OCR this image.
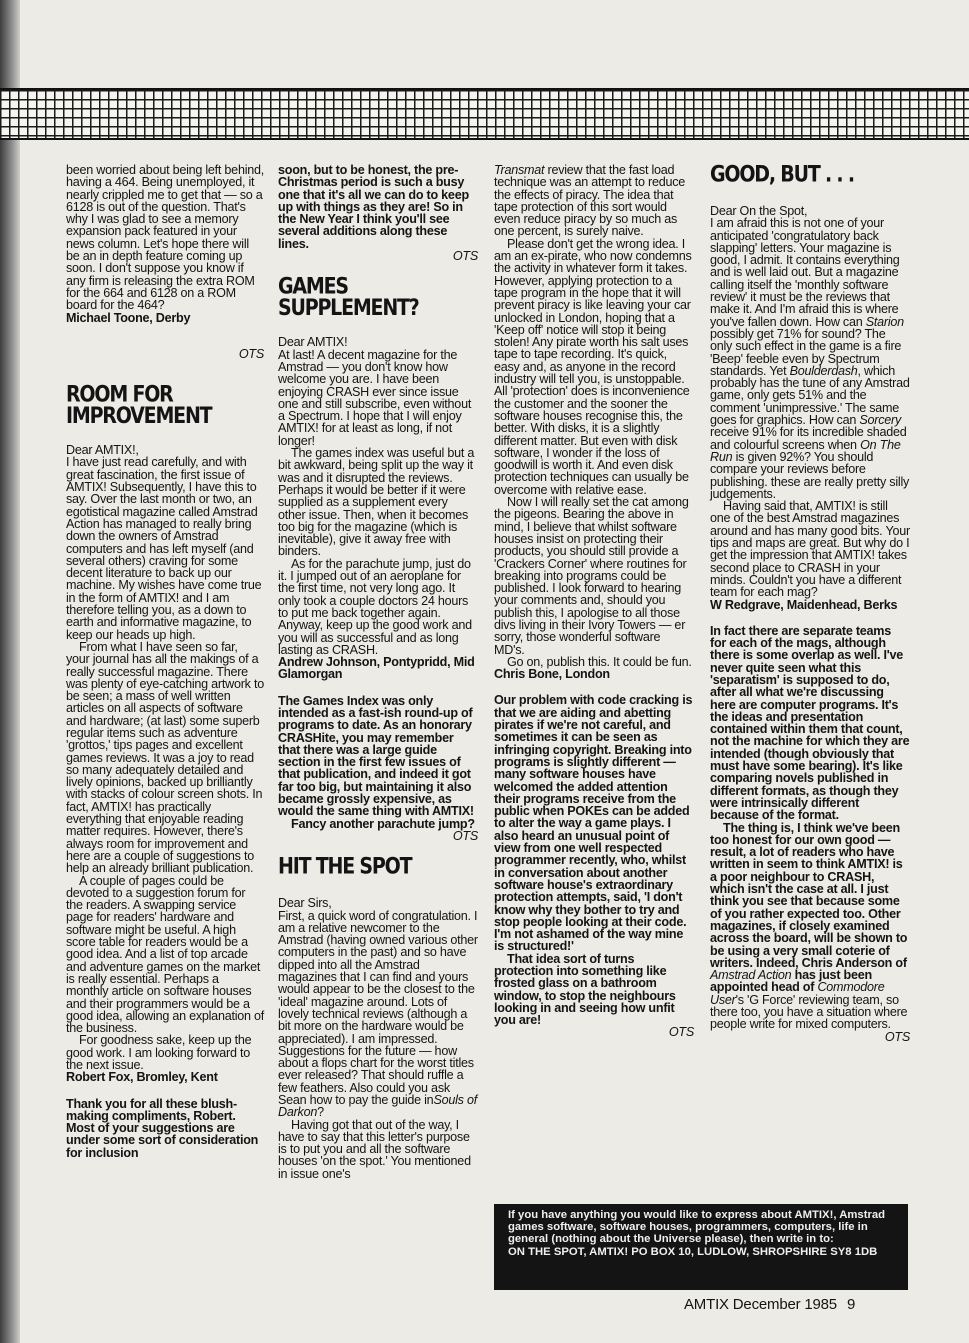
been worried about being left behind, having a 464. Being unemployed, it nearly crippled me to get that — so a 6128 is out of the question. That's why I was glad to see a memory expansion pack featured in your news column. Let's hope there will be an in depth feature coming up soon. I don't suppose you know if any firm is releasing the extra ROM for the 664 and 6128 on a ROM board for the 464?

Michael Toone, Derby

OTS

ROOM FOR IMPROVEMENT

Dear AMTIX!,

I have just read carefully, and with great fascination, the first issue of AMTIX! Subsequently, I have this to say. Over the last month or two, an egotistical magazine called Amstrad Action has managed to really bring down the owners of Amstrad computers and has left myself (and several others) craving for some decent literature to back up our machine. My wishes have come true in the form of AMTIX! and I am therefore telling you, as a down to earth and informative magazine, to keep our heads up high.

From what I have seen so far, your journal has all the makings of a really successful magazine. There was plenty of eye-catching artwork to be seen; a mass of well written articles on all aspects of software and hardware; (at last) some superb regular items such as adventure 'grottos,' tips pages and excellent games reviews. It was a joy to read so many adequately detailed and lively opinions, backed up brilliantly with stacks of colour screen shots. In fact, AMTIX! has practically everything that enjoyable reading matter requires. However, there's always room for improvement and here are a couple of suggestions to help an already brilliant publication.

A couple of pages could be devoted to a suggestion forum for the readers. A swapping service page for readers' hardware and software might be useful. A high score table for readers would be a good idea. And a list of top arcade and adventure games on the market is really essential. Perhaps a monthly article on software houses and their programmers would be a good idea, allowing an explanation of the business.

For goodness sake, keep up the good work. I am looking forward to the next issue.

Robert Fox, Bromley, Kent

Thank you for all these blush-making compliments, Robert. Most of your suggestions are under some sort of consideration for inclusion

soon, but to be honest, the pre-Christmas period is such a busy one that it's all we can do to keep up with things as they are! So in the New Year I think you'll see several additions along these lines.

OTS

GAMES SUPPLEMENT?

Dear AMTIX!

At last! A decent magazine for the Amstrad — you don't know how welcome you are. I have been enjoying CRASH ever since issue one and still subscribe, even without a Spectrum. I hope that I will enjoy AMTIX! for at least as long, if not longer!

The games index was useful but a bit awkward, being split up the way it was and it disrupted the reviews. Perhaps it would be better if it were supplied as a supplement every other issue. Then, when it becomes too big for the magazine (which is inevitable), give it away free with binders.

As for the parachute jump, just do it. I jumped out of an aeroplane for the first time, not very long ago. It only took a couple doctors 24 hours to put me back together again. Anyway, keep up the good work and you will as successful and as long lasting as CRASH.

Andrew Johnson, Pontypridd, Mid Glamorgan

The Games Index was only intended as a fast-ish round-up of programs to date. As an honorary CRASHite, you may remember that there was a large guide section in the first few issues of that publication, and indeed it got far too big, but maintaining it also became grossly expensive, as would the same thing with AMTIX!

Fancy another parachute jump?

OTS

HIT THE SPOT

Dear Sirs,

First, a quick word of congratulation. I am a relative newcomer to the Amstrad (having owned various other computers in the past) and so have dipped into all the Amstrad magazines that I can find and yours would appear to be the closest to the 'ideal' magazine around. Lots of lovely technical reviews (although a bit more on the hardware would be appreciated). I am impressed. Suggestions for the future — how about a flops chart for the worst titles ever released? That should ruffle a few feathers. Also could you ask Sean how to pay the guide inSouls of Darkon?

Having got that out of the way, I have to say that this letter's purpose is to put you and all the software houses 'on the spot.' You mentioned in issue one's

Transmat review that the fast load technique was an attempt to reduce the effects of piracy. The idea that tape protection of this sort would even reduce piracy by so much as one percent, is surely naive.

Please don't get the wrong idea. I am an ex-pirate, who now condemns the activity in whatever form it takes. However, applying protection to a tape program in the hope that it will prevent piracy is like leaving your car unlocked in London, hoping that a 'Keep off' notice will stop it being stolen! Any pirate worth his salt uses tape to tape recording. It's quick, easy and, as anyone in the record industry will tell you, is unstoppable. All 'protection' does is inconvenience the customer and the sooner the software houses recognise this, the better. With disks, it is a slightly different matter. But even with disk software, I wonder if the loss of goodwill is worth it. And even disk protection techniques can usually be overcome with relative ease.

Now I will really set the cat among the pigeons. Bearing the above in mind, I believe that whilst software houses insist on protecting their products, you should still provide a 'Crackers Corner' where routines for breaking into programs could be published. I look forward to hearing your comments and, should you publish this, I apologise to all those divs living in their Ivory Towers — er sorry, those wonderful software MD's.

Go on, publish this. It could be fun.

Chris Bone, London

Our problem with code cracking is that we are aiding and abetting pirates if we're not careful, and sometimes it can be seen as infringing copyright. Breaking into programs is slightly different — many software houses have welcomed the added attention their programs receive from the public when POKEs can be added to alter the way a game plays. I also heard an unusual point of view from one well respected programmer recently, who, whilst in conversation about another software house's extraordinary protection attempts, said, 'I don't know why they bother to try and stop people looking at their code. I'm not ashamed of the way mine is structured!'

That idea sort of turns protection into something like frosted glass on a bathroom window, to stop the neighbours looking in and seeing how unfit you are!

OTS

GOOD, BUT . . .

Dear On the Spot,

I am afraid this is not one of your anticipated 'congratulatory back slapping' letters. Your magazine is good, I admit. It contains everything and is well laid out. But a magazine calling itself the 'monthly software review' it must be the reviews that make it. And I'm afraid this is where you've fallen down. How can Starion possibly get 71% for sound? The only such effect in the game is a fire 'Beep' feeble even by Spectrum standards. Yet Boulderdash, which probably has the tune of any Amstrad game, only gets 51% and the comment 'unimpressive.' The same goes for graphics. How can Sorcery receive 91% for its incredible shaded and colourful screens when On The Run is given 92%? You should compare your reviews before publishing. these are really pretty silly judgements.

Having said that, AMTIX! is still one of the best Amstrad magazines around and has many good bits. Your tips and maps are great. But why do I get the impression that AMTIX! takes second place to CRASH in your minds. Couldn't you have a different team for each mag?

W Redgrave, Maidenhead, Berks

In fact there are separate teams for each of the mags, although there is some overlap as well. I've never quite seen what this 'separatism' is supposed to do, after all what we're discussing here are computer programs. It's the ideas and presentation contained within them that count, not the machine for which they are intended (though obviously that must have some bearing). It's like comparing novels published in different formats, as though they were intrinsically different because of the format.

The thing is, I think we've been too honest for our own good — result, a lot of readers who have written in seem to think AMTIX! is a poor neighbour to CRASH, which isn't the case at all. I just think you see that because some of you rather expected too. Other magazines, if closely examined across the board, will be shown to be using a very small coterie of writers. Indeed, Chris Anderson of Amstrad Action has just been appointed head of Commodore User's 'G Force' reviewing team, so there too, you have a situation where people write for mixed computers.

OTS

If you have anything you would like to express about AMTIX!, Amstrad games software, software houses, programmers, computers, life in general (nothing about the Universe please), then write in to:
ON THE SPOT, AMTIX! PO BOX 10, LUDLOW, SHROPSHIRE SY8 1DB
AMTIX December 1985 9
